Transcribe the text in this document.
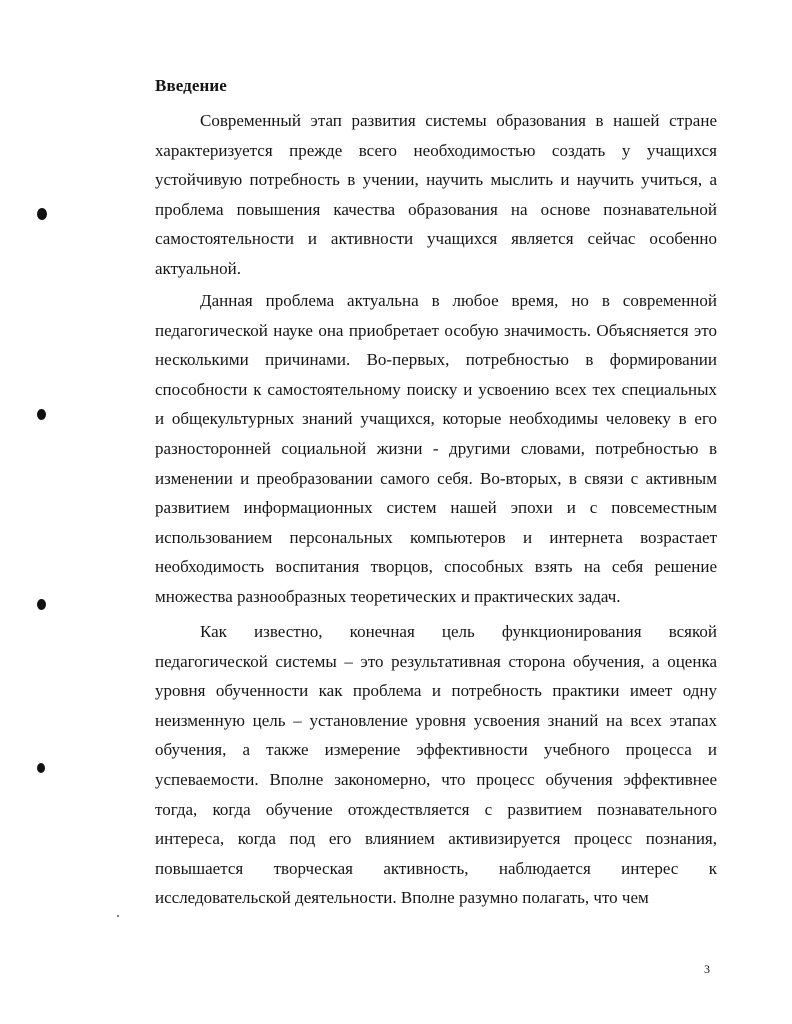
Введение

Современный этап развития системы образования в нашей стране характеризуется прежде всего необходимостью создать у учащихся устойчивую потребность в учении, научить мыслить и научить учиться, а проблема повышения качества образования на основе познавательной самостоятельности и активности учащихся является сейчас особенно актуальной.

Данная проблема актуальна в любое время, но в современной педагогической науке она приобретает особую значимость. Объясняется это несколькими причинами. Во-первых, потребностью в формировании способности к самостоятельному поиску и усвоению всех тех специальных и общекультурных знаний учащихся, которые необходимы человеку в его разносторонней социальной жизни - другими словами, потребностью в изменении и преобразовании самого себя. Во-вторых, в связи с активным развитием информационных систем нашей эпохи и с повсеместным использованием персональных компьютеров и интернета возрастает необходимость воспитания творцов, способных взять на себя решение множества разнообразных теоретических и практических задач.

Как известно, конечная цель функционирования всякой педагогической системы – это результативная сторона обучения, а оценка уровня обученности как проблема и потребность практики имеет одну неизменную цель – установление уровня усвоения знаний на всех этапах обучения, а также измерение эффективности учебного процесса и успеваемости. Вполне закономерно, что процесс обучения эффективнее тогда, когда обучение отождествляется с развитием познавательного интереса, когда под его влиянием активизируется процесс познания, повышается творческая активность, наблюдается интерес к исследовательской деятельности. Вполне разумно полагать, что чем

3
